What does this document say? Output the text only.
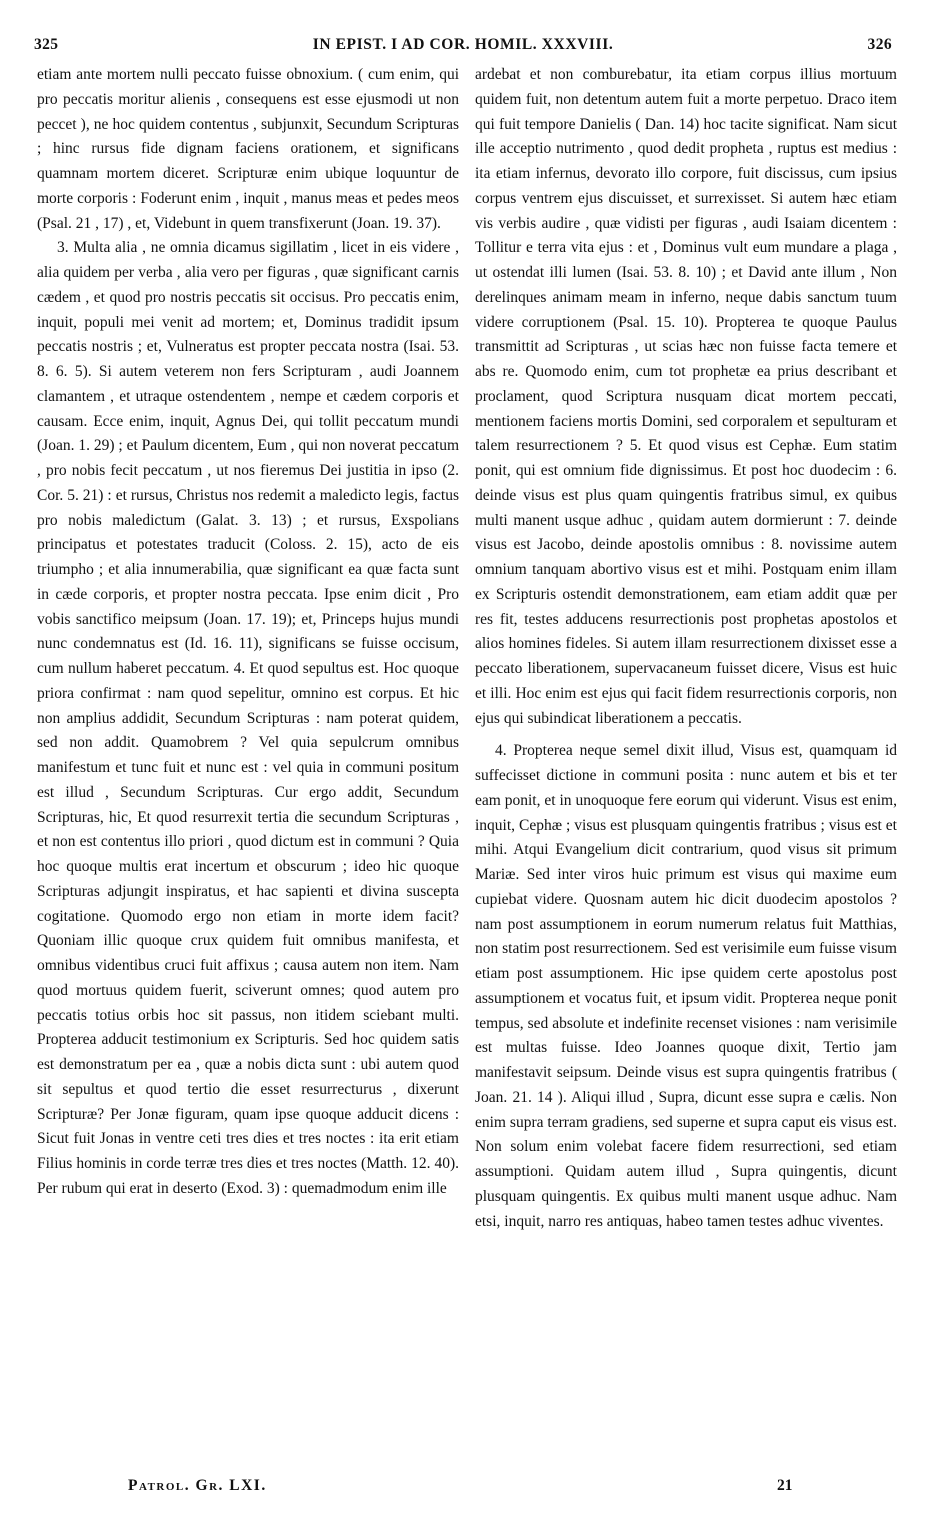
325	IN EPIST. I AD COR. HOMIL. XXXVIII.	326

etiam ante mortem nulli peccato fuisse obnoxium. ( cum enim, qui pro peccatis moritur alienis , consequens est esse ejusmodi ut non peccet ), ne hoc quidem contentus , subjunxit, Secundum Scripturas ; hinc rursus fide dignam faciens orationem, et significans quamnam mortem diceret. Scripturæ enim ubique loquuntur de morte corporis : Foderunt enim , inquit , manus meas et pedes meos (Psal. 21 , 17) , et, Videbunt in quem transfixerunt (Joan. 19. 37).

3. Multa alia , ne omnia dicamus sigillatim , licet in eis videre , alia quidem per verba , alia vero per figuras , quæ significant carnis cædem , et quod pro nostris peccatis sit occisus. Pro peccatis enim, inquit, populi mei venit ad mortem; et, Dominus tradidit ipsum peccatis nostris ; et, Vulneratus est propter peccata nostra (Isai. 53. 8. 6. 5). Si autem veterem non fers Scripturam , audi Joannem clamantem , et utraque ostendentem , nempe et cædem corporis et causam. Ecce enim, inquit, Agnus Dei, qui tollit peccatum mundi (Joan. 1. 29) ; et Paulum dicentem, Eum , qui non noverat peccatum , pro nobis fecit peccatum , ut nos fieremus Dei justitia in ipso (2. Cor. 5. 21) : et rursus, Christus nos redemit a maledicto legis, factus pro nobis maledictum (Galat. 3. 13) ; et rursus, Exspolians principatus et potestates traducit (Coloss. 2. 15), acto de eis triumpho ; et alia innumerabilia, quæ significant ea quæ facta sunt in cæde corporis, et propter nostra peccata. Ipse enim dicit , Pro vobis sanctifico meipsum (Joan. 17. 19); et, Princeps hujus mundi nunc condemnatus est (Id. 16. 11), significans se fuisse occisum, cum nullum haberet peccatum. 4. Et quod sepultus est. Hoc quoque priora confirmat : nam quod sepelitur, omnino est corpus. Et hic non amplius addidit, Secundum Scripturas : nam poterat quidem, sed non addit. Quamobrem ? Vel quia sepulcrum omnibus manifestum et tunc fuit et nunc est : vel quia in communi positum est illud , Secundum Scripturas. Cur ergo addit, Secundum Scripturas, hic, Et quod resurrexit tertia die secundum Scripturas , et non est contentus illo priori , quod dictum est in communi ? Quia hoc quoque multis erat incertum et obscurum ; ideo hic quoque Scripturas adjungit inspiratus, et hac sapienti et divina suscepta cogitatione. Quomodo ergo non etiam in morte idem facit? Quoniam illic quoque crux quidem fuit omnibus manifesta, et omnibus videntibus cruci fuit affixus ; causa autem non item. Nam quod mortuus quidem fuerit, sciverunt omnes; quod autem pro peccatis totius orbis hoc sit passus, non itidem sciebant multi. Propterea adducit testimonium ex Scripturis. Sed hoc quidem satis est demonstratum per ea , quæ a nobis dicta sunt : ubi autem quod sit sepultus et quod tertio die esset resurrecturus , dixerunt Scripturæ? Per Jonæ figuram, quam ipse quoque adducit dicens : Sicut fuit Jonas in ventre ceti tres dies et tres noctes : ita erit etiam Filius hominis in corde terræ tres dies et tres noctes (Matth. 12. 40). Per rubum qui erat in deserto (Exod. 3) : quemadmodum enim ille

ardebat et non comburebatur, ita etiam corpus illius mortuum quidem fuit, non detentum autem fuit a morte perpetuo. Draco item qui fuit tempore Danielis ( Dan. 14) hoc tacite significat. Nam sicut ille acceptio nutrimento , quod dedit propheta , ruptus est medius : ita etiam infernus, devorato illo corpore, fuit discissus, cum ipsius corpus ventrem ejus discuisset, et surrexisset. Si autem hæc etiam vis verbis audire , quæ vidisti per figuras , audi Isaiam dicentem : Tollitur e terra vita ejus : et , Dominus vult eum mundare a plaga , ut ostendat illi lumen (Isai. 53. 8. 10) ; et David ante illum , Non derelinques animam meam in inferno, neque dabis sanctum tuum videre corruptionem (Psal. 15. 10). Propterea te quoque Paulus transmittit ad Scripturas , ut scias hæc non fuisse facta temere et abs re. Quomodo enim, cum tot prophetæ ea prius describant et proclament, quod Scriptura nusquam dicat mortem peccati, mentionem faciens mortis Domini, sed corporalem et sepulturam et talem resurrectionem ? 5. Et quod visus est Cephæ. Eum statim ponit, qui est omnium fide dignissimus. Et post hoc duodecim : 6. deinde visus est plus quam quingentis fratribus simul, ex quibus multi manent usque adhuc , quidam autem dormierunt : 7. deinde visus est Jacobo, deinde apostolis omnibus : 8. novissime autem omnium tanquam abortivo visus est et mihi. Postquam enim illam ex Scripturis ostendit demonstrationem, eam etiam addit quæ per res fit, testes adducens resurrectionis post prophetas apostolos et alios homines fideles. Si autem illam resurrectionem dixisset esse a peccato liberationem, supervacaneum fuisset dicere, Visus est huic et illi. Hoc enim est ejus qui facit fidem resurrectionis corporis, non ejus qui subindicat liberationem a peccatis.

4. Propterea neque semel dixit illud, Visus est, quamquam id suffecisset dictione in communi posita : nunc autem et bis et ter eam ponit, et in unoquoque fere eorum qui viderunt. Visus est enim, inquit, Cephæ ; visus est plusquam quingentis fratribus ; visus est et mihi. Atqui Evangelium dicit contrarium, quod visus sit primum Mariæ. Sed inter viros huic primum est visus qui maxime eum cupiebat videre. Quosnam autem hic dicit duodecim apostolos ? nam post assumptionem in eorum numerum relatus fuit Matthias, non statim post resurrectionem. Sed est verisimile eum fuisse visum etiam post assumptionem. Hic ipse quidem certe apostolus post assumptionem et vocatus fuit, et ipsum vidit. Propterea neque ponit tempus, sed absolute et indefinite recenset visiones : nam verisimile est multas fuisse. Ideo Joannes quoque dixit, Tertio jam manifestavit seipsum. Deinde visus est supra quingentis fratribus ( Joan. 21. 14 ). Aliqui illud , Supra, dicunt esse supra e cælis. Non enim supra terram gradiens, sed superne et supra caput eis visus est. Non solum enim volebat facere fidem resurrectioni, sed etiam assumptioni. Quidam autem illud , Supra quingentis, dicunt plusquam quingentis. Ex quibus multi manent usque adhuc. Nam etsi, inquit, narro res antiquas, habeo tamen testes adhuc viventes.

Patrol. Gr. LXI.	21
